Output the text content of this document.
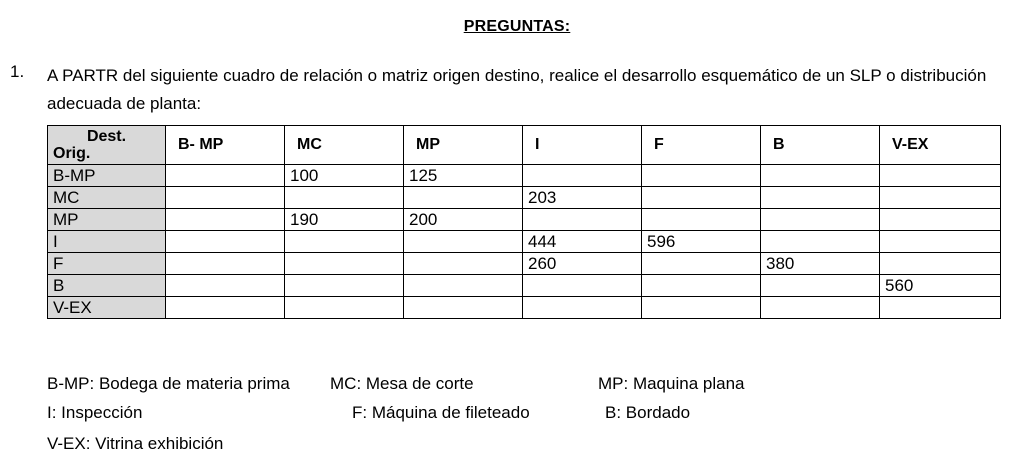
PREGUNTAS:
1. A PARTR del siguiente cuadro de relación o matriz origen destino, realice el desarrollo esquemático de un SLP o distribución adecuada de planta:
Dest.
Orig.	B- MP	MC	MP	I	F	B	V-EX
B-MP		100	125				
MC				203			
MP		190	200				
I				444	596		
F				260		380	
B							560
V-EX							
B-MP: Bodega de materia prima MC: Mesa de corte	MP: Maquina plana
I: Inspección	F: Máquina de fileteado	B: Bordado
V-EX: Vitrina exhibición
